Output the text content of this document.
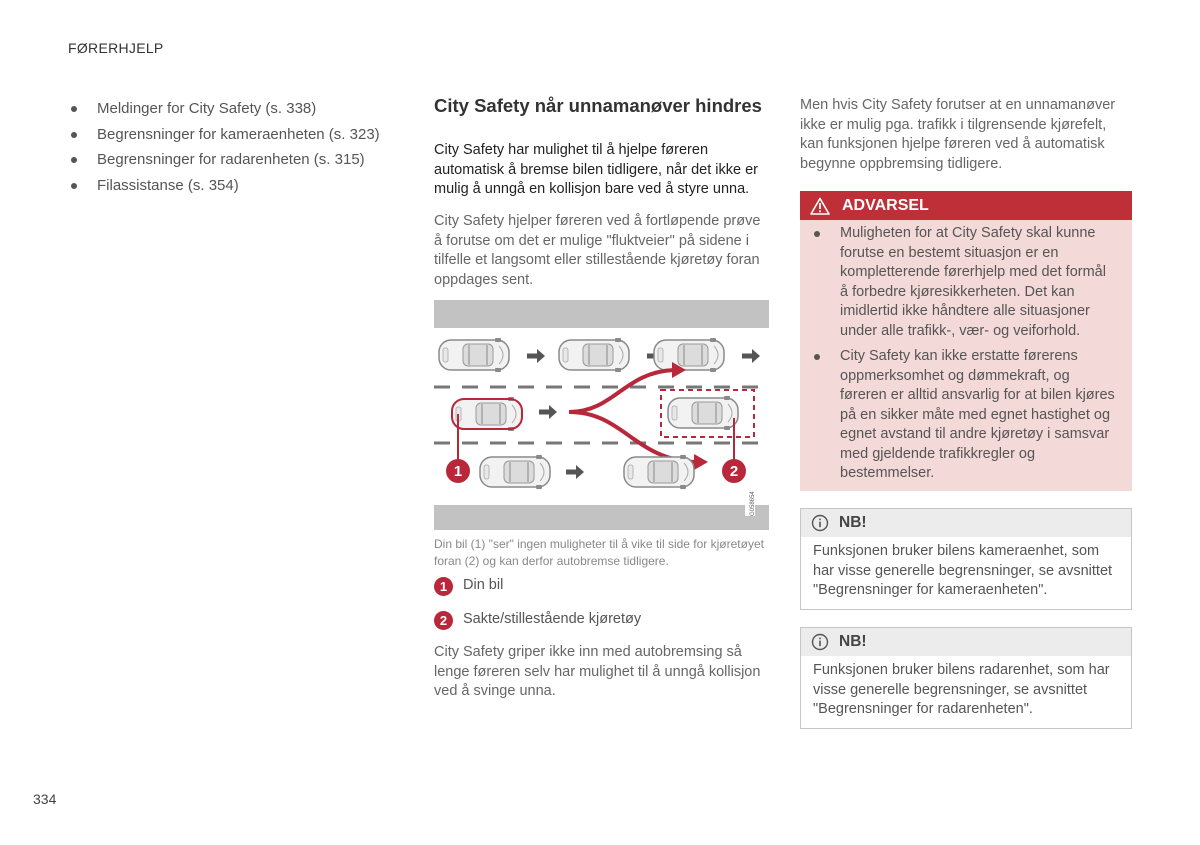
FØRERHJELP
Meldinger for City Safety (s. 338)
Begrensninger for kameraenheten (s. 323)
Begrensninger for radarenheten (s. 315)
Filassistanse (s. 354)
City Safety når unnamanøver hindres

City Safety har mulighet til å hjelpe føreren automatisk å bremse bilen tidligere, når det ikke er mulig å unngå en kollisjon bare ved å styre unna.

City Safety hjelper føreren ved å fortløpende prøve å forutse om det er mulige "fluktveier" på sidene i tilfelle et langsomt eller stillestående kjøretøy foran oppdages sent.

1	2
G058654

Din bil (1) "ser" ingen muligheter til å vike til side for kjøretøyet foran (2) og kan derfor autobremse tidligere.

1	Din bil
2	Sakte/stillestående kjøretøy

City Safety griper ikke inn med autobremsing så lenge føreren selv har mulighet til å unngå kollisjon ved å svinge unna.

Men hvis City Safety forutser at en unnamanøver ikke er mulig pga. trafikk i tilgrensende kjørefelt, kan funksjonen hjelpe føreren ved å automatisk begynne oppbremsing tidligere.

ADVARSEL
Muligheten for at City Safety skal kunne forutse en bestemt situasjon er en kompletterende førerhjelp med det formål å forbedre kjøresikkerheten. Det kan imidlertid ikke håndtere alle situasjoner under alle trafikk-, vær- og veiforhold.
City Safety kan ikke erstatte førerens oppmerksomhet og dømmekraft, og føreren er alltid ansvarlig for at bilen kjøres på en sikker måte med egnet hastighet og egnet avstand til andre kjøretøy i samsvar med gjeldende trafikkregler og bestemmelser.
NB!

Funksjonen bruker bilens kameraenhet, som har visse generelle begrensninger, se avsnittet "Begrensninger for kameraenheten".

NB!

Funksjonen bruker bilens radarenhet, som har visse generelle begrensninger, se avsnittet "Begrensninger for radarenheten".

334
